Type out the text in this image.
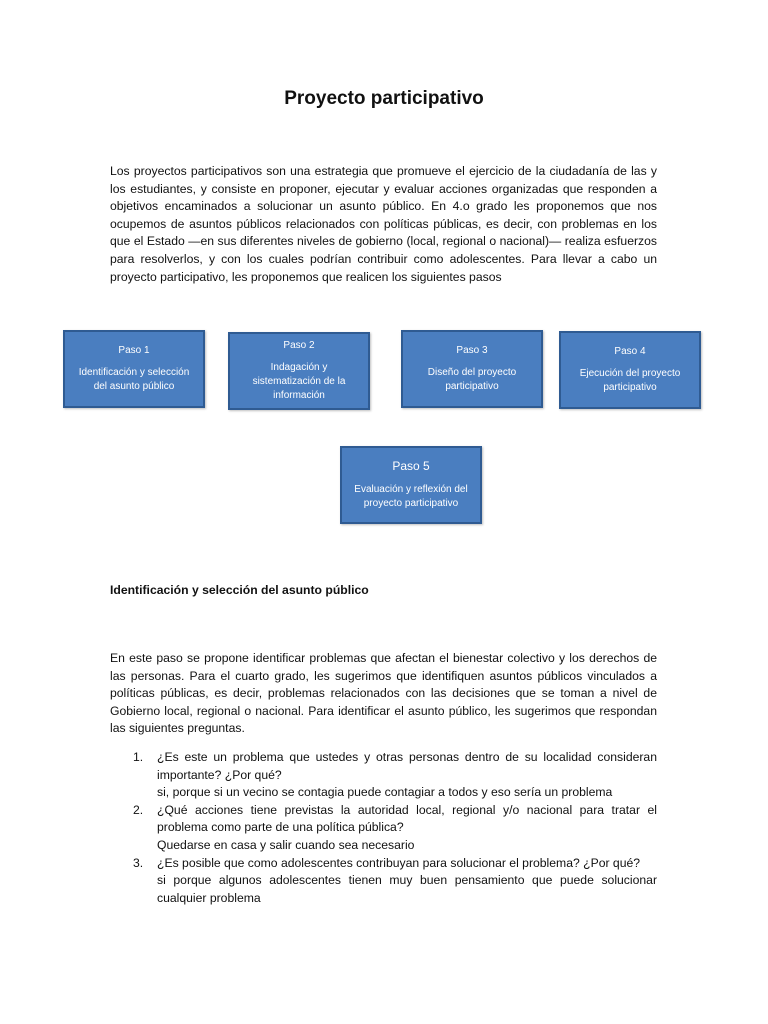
Proyecto participativo
Los proyectos participativos son una estrategia que promueve el ejercicio de la ciudadanía de las y los estudiantes, y consiste en proponer, ejecutar y evaluar acciones organizadas que responden a objetivos encaminados a solucionar un asunto público. En 4.o grado les proponemos que nos ocupemos de asuntos públicos relacionados con políticas públicas, es decir, con problemas en los que el Estado —en sus diferentes niveles de gobierno (local, regional o nacional)— realiza esfuerzos para resolverlos, y con los cuales podrían contribuir como adolescentes. Para llevar a cabo un proyecto participativo, les proponemos que realicen los siguientes pasos
Paso 1
Identificación y selección del asunto público
Paso 2
Indagación y sistematización de la información
Paso 3
Diseño del proyecto participativo
Paso 4
Ejecución del proyecto participativo
Paso 5
Evaluación y reflexión del proyecto participativo
Identificación y selección del asunto público
En este paso se propone identificar problemas que afectan el bienestar colectivo y los derechos de las personas. Para el cuarto grado, les sugerimos que identifiquen asuntos públicos vinculados a políticas públicas, es decir, problemas relacionados con las decisiones que se toman a nivel de Gobierno local, regional o nacional. Para identificar el asunto público, les sugerimos que respondan las siguientes preguntas.
1. ¿Es este un problema que ustedes y otras personas dentro de su localidad consideran importante? ¿Por qué?
si, porque si un vecino se contagia puede contagiar a todos y eso sería un problema
2. ¿Qué acciones tiene previstas la autoridad local, regional y/o nacional para tratar el problema como parte de una política pública?
Quedarse en casa y salir cuando sea necesario
3. ¿Es posible que como adolescentes contribuyan para solucionar el problema? ¿Por qué?
si porque algunos adolescentes tienen muy buen pensamiento que puede solucionar cualquier problema
